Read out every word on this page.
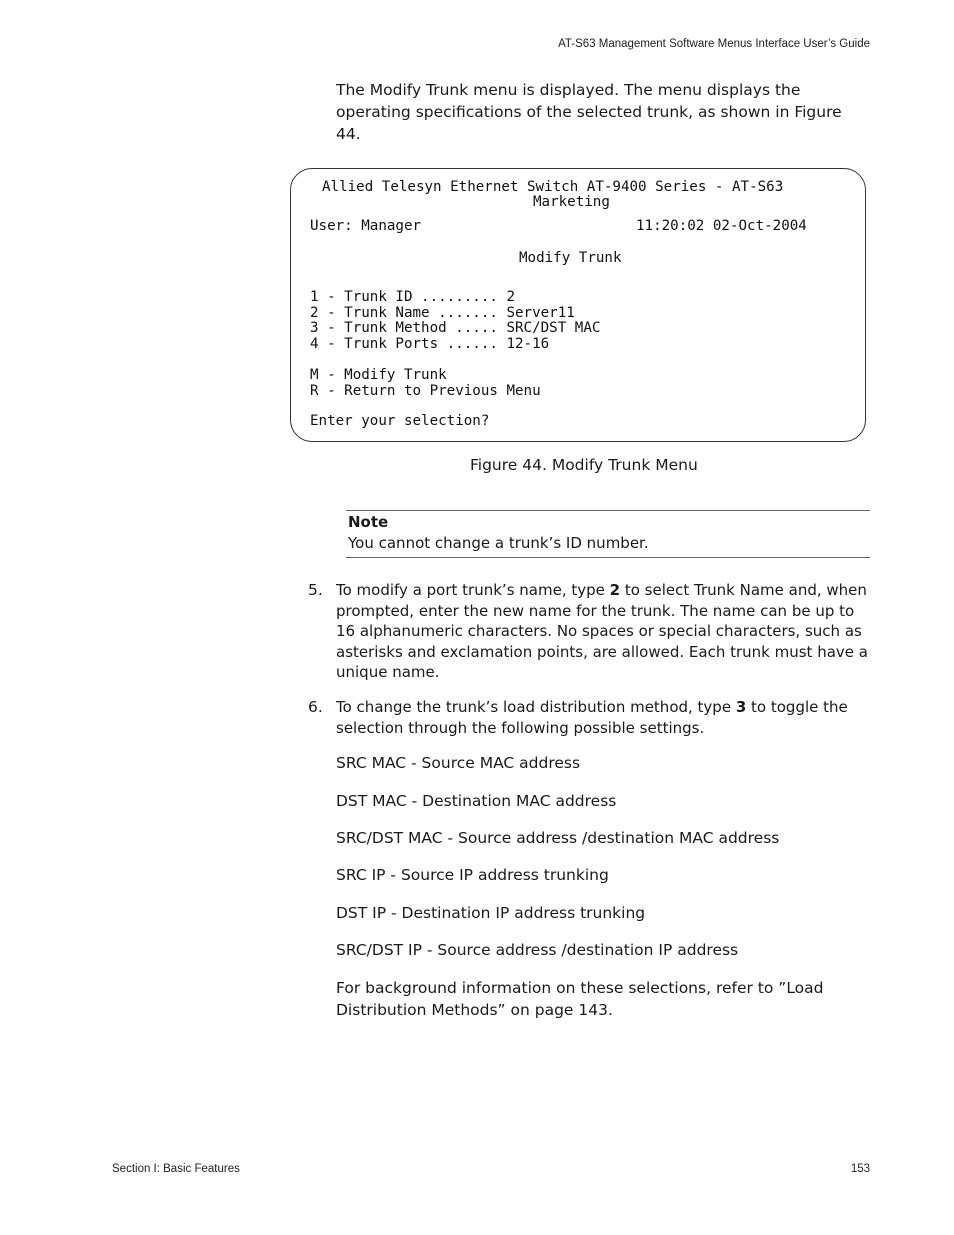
AT-S63 Management Software Menus Interface User’s Guide

The Modify Trunk menu is displayed. The menu displays the operating specifications of the selected trunk, as shown in Figure 44.

Allied Telesyn Ethernet Switch AT-9400 Series - AT-S63

Marketing

User: Manager	11:20:02 02-Oct-2004

Modify Trunk

1 - Trunk ID ......... 2

2 - Trunk Name ....... Server11

3 - Trunk Method ..... SRC/DST MAC

4 - Trunk Ports ...... 12-16

M - Modify Trunk

R - Return to Previous Menu

Enter your selection?

Figure 44. Modify Trunk Menu
Note
You cannot change a trunk’s ID number.
5. To modify a port trunk’s name, type 2 to select Trunk Name and, when prompted, enter the new name for the trunk. The name can be up to 16 alphanumeric characters. No spaces or special characters, such as asterisks and exclamation points, are allowed. Each trunk must have a unique name.

6. To change the trunk’s load distribution method, type 3 to toggle the selection through the following possible settings.

SRC MAC - Source MAC address
DST MAC - Destination MAC address
SRC/DST MAC - Source address /destination MAC address
SRC IP - Source IP address trunking
DST IP - Destination IP address trunking
SRC/DST IP - Source address /destination IP address

For background information on these selections, refer to ”Load Distribution Methods” on page 143.

Section I: Basic Features	153
